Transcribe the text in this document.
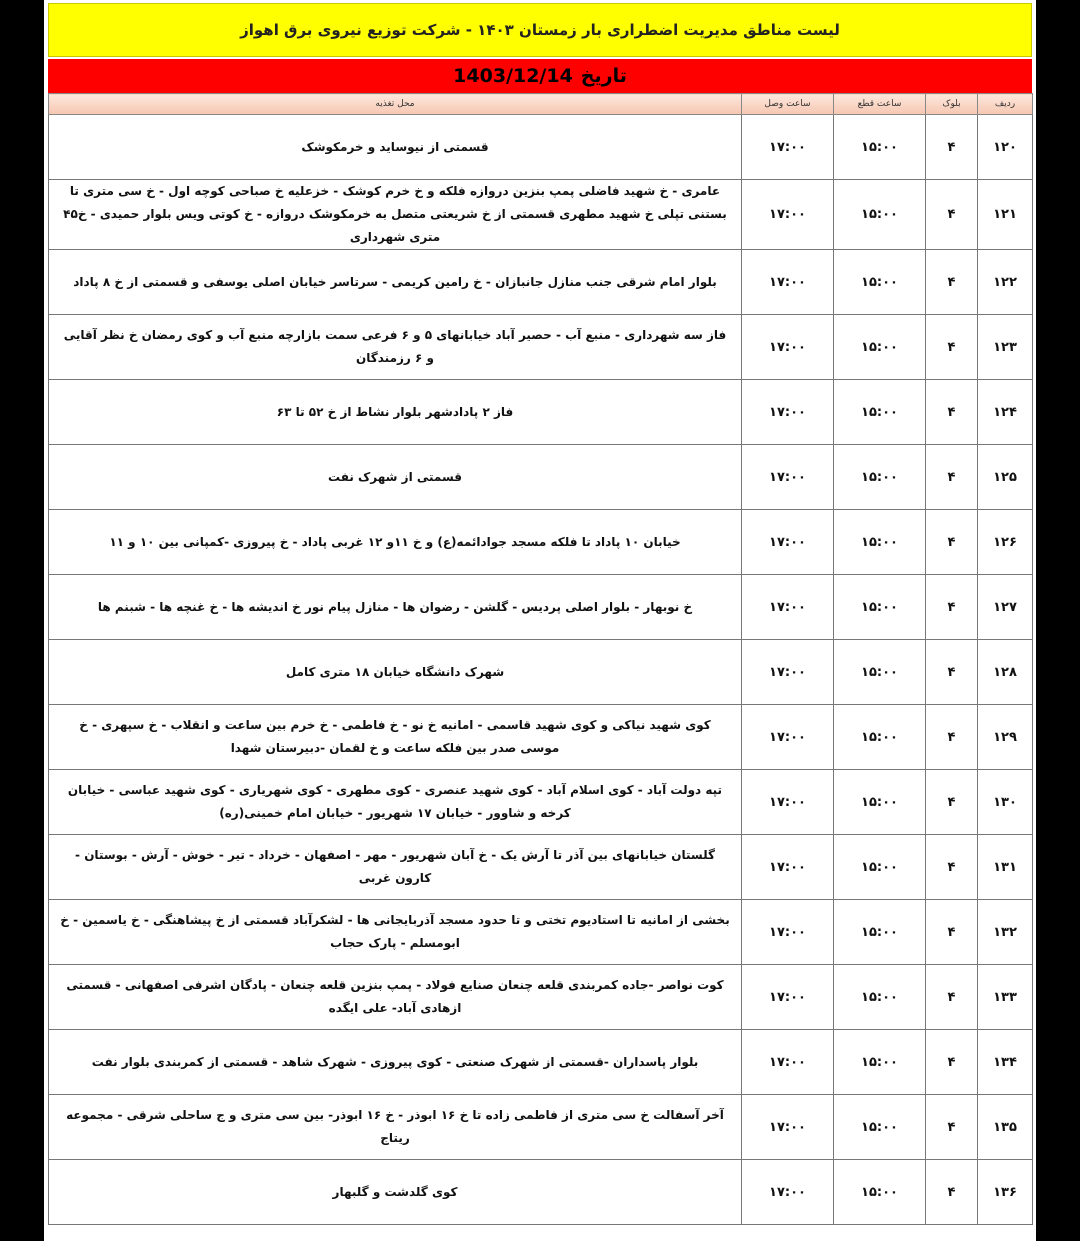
لیست مناطق مدیریت اضطراری بار زمستان ۱۴۰۳ - شرکت توزیع نیروی برق اهواز
تاریخ
1403/12/14
ردیف	بلوک	ساعت قطع	ساعت وصل	محل تغذیه
۱۲۰	۴	۱۵:۰۰	۱۷:۰۰	قسمتی از نیوساید و خرمکوشک
۱۲۱	۴	۱۵:۰۰	۱۷:۰۰	عامری - خ شهید فاضلی پمپ بنزین دروازه فلکه و خ خرم کوشک - خزعلیه خ صباحی کوچه اول - خ سی متری تا بستنی تپلی خ شهید مطهری قسمتی از خ شریعتی متصل به خرمکوشک دروازه - خ کوتی ویس بلوار حمیدی - خ۴۵ متری شهرداری
۱۲۲	۴	۱۵:۰۰	۱۷:۰۰	بلوار امام شرقی جنب منازل جانبازان - خ رامین کریمی - سرتاسر خیابان اصلی یوسفی و قسمتی از خ ۸ پاداد
۱۲۳	۴	۱۵:۰۰	۱۷:۰۰	فاز سه شهرداری - منبع آب - حصیر آباد خیابانهای ۵ و ۶ فرعی سمت بازارچه منبع آب و کوی رمضان خ نظر آقایی و ۶ رزمندگان
۱۲۴	۴	۱۵:۰۰	۱۷:۰۰	فاز ۲ پادادشهر بلوار نشاط از خ ۵۲ تا ۶۳
۱۲۵	۴	۱۵:۰۰	۱۷:۰۰	قسمتی از شهرک نفت
۱۲۶	۴	۱۵:۰۰	۱۷:۰۰	خیابان ۱۰ پاداد تا فلکه مسجد جوادائمه(ع) و خ ۱۱و ۱۲ غربی پاداد - خ پیروزی -کمپانی بین ۱۰ و ۱۱
۱۲۷	۴	۱۵:۰۰	۱۷:۰۰	خ نوبهار - بلوار اصلی پردیس - گلشن - رضوان ها - منازل پیام نور خ اندیشه ها - خ غنچه ها - شبنم ها
۱۲۸	۴	۱۵:۰۰	۱۷:۰۰	شهرک دانشگاه خیابان ۱۸ متری کامل
۱۲۹	۴	۱۵:۰۰	۱۷:۰۰	کوی شهید نیاکی و کوی شهید قاسمی - امانیه خ نو - خ فاطمی - خ خرم بین ساعت و انقلاب - خ سپهری - خ موسی صدر بین فلکه ساعت و خ لقمان -دبیرستان شهدا
۱۳۰	۴	۱۵:۰۰	۱۷:۰۰	تپه دولت آباد - کوی اسلام آباد - کوی شهید عنصری - کوی مطهری - کوی شهریاری - کوی شهید عباسی - خیابان کرخه و شاوور - خیابان ۱۷ شهریور - خیابان امام خمینی(ره)
۱۳۱	۴	۱۵:۰۰	۱۷:۰۰	گلستان خیابانهای بین آذر تا آرش یک - خ آبان شهریور - مهر - اصفهان - خرداد - تیر - خوش - آرش - بوستان - کارون غربی
۱۳۲	۴	۱۵:۰۰	۱۷:۰۰	بخشی از امانیه تا استادیوم تختی و تا حدود مسجد آذربایجانی ها - لشکرآباد قسمتی از خ پیشاهنگی - خ یاسمین - خ ابومسلم - پارک حجاب
۱۳۳	۴	۱۵:۰۰	۱۷:۰۰	کوت نواصر -جاده کمربندی قلعه چنعان صنایع فولاد - پمپ بنزین قلعه چنعان - پادگان اشرفی اصفهانی - قسمتی ازهادی آباد- علی ایگده
۱۳۴	۴	۱۵:۰۰	۱۷:۰۰	بلوار پاسداران -قسمتی از شهرک صنعتی - کوی پیروزی - شهرک شاهد - قسمتی از کمربندی بلوار نفت
۱۳۵	۴	۱۵:۰۰	۱۷:۰۰	آخر آسفالت خ سی متری از فاطمی زاده تا خ ۱۶ ابوذر - خ ۱۶ ابوذر- بین سی متری و ج ساحلی شرقی - مجموعه ریتاج
۱۳۶	۴	۱۵:۰۰	۱۷:۰۰	کوی گلدشت و گلبهار
